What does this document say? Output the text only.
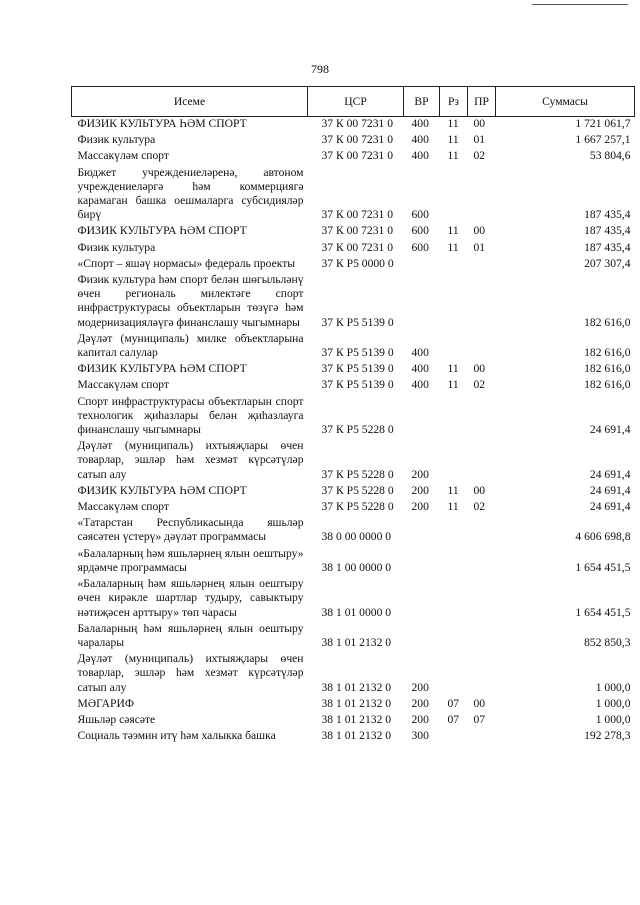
798
Исеме	ЦСР	ВР	Рз	ПР	Суммасы
ФИЗИК КУЛЬТУРА ҺӘМ СПОРТ	37 К 00 7231 0	400	11	00	1 721 061,7
Физик культура	37 К 00 7231 0	400	11	01	1 667 257,1
Массакүләм спорт	37 К 00 7231 0	400	11	02	53 804,6
Бюджет учреждениеләренә, автоном учреждениеләргә һәм коммерциягә карамаган башка оешмаларга субсидияләр бирү	37 К 00 7231 0	600			187 435,4
ФИЗИК КУЛЬТУРА ҺӘМ СПОРТ	37 К 00 7231 0	600	11	00	187 435,4
Физик культура	37 К 00 7231 0	600	11	01	187 435,4
«Спорт – яшәү нормасы» федераль проекты	37 К Р5 0000 0				207 307,4
Физик культура һәм спорт белән шөгыльләнү өчен региональ милектәге спорт инфраструктурасы объектларын төзүгә һәм модернизацияләүгә финанслашу чыгымнары	37 К Р5 5139 0				182 616,0
Дәүләт (муниципаль) милке объектларына капитал салулар	37 К Р5 5139 0	400			182 616,0
ФИЗИК КУЛЬТУРА ҺӘМ СПОРТ	37 К Р5 5139 0	400	11	00	182 616,0
Массакүләм спорт	37 К Р5 5139 0	400	11	02	182 616,0
Спорт инфраструктурасы объектларын спорт технологик җиһазлары белән җиһазлауга финанслашу чыгымнары	37 К Р5 5228 0				24 691,4
Дәүләт (муниципаль) ихтыяҗлары өчен товарлар, эшләр һәм хезмәт күрсәтүләр сатып алу	37 К Р5 5228 0	200			24 691,4
ФИЗИК КУЛЬТУРА ҺӘМ СПОРТ	37 К Р5 5228 0	200	11	00	24 691,4
Массакүләм спорт	37 К Р5 5228 0	200	11	02	24 691,4
«Татарстан Республикасында яшьләр сәясәтен үстерү» дәүләт программасы	38 0 00 0000 0				4 606 698,8
«Балаларның һәм яшьләрнең ялын оештыру» ярдәмче программасы	38 1 00 0000 0				1 654 451,5
«Балаларның һәм яшьләрнең ялын оештыру өчен кирәкле шартлар тудыру, савыктыру нәтиҗәсен арттыру» төп чарасы	38 1 01 0000 0				1 654 451,5
Балаларның һәм яшьләрнең ялын оештыру чаралары	38 1 01 2132 0				852 850,3
Дәүләт (муниципаль) ихтыяҗлары өчен товарлар, эшләр һәм хезмәт күрсәтүләр сатып алу	38 1 01 2132 0	200			1 000,0
МӘГАРИФ	38 1 01 2132 0	200	07	00	1 000,0
Яшьләр сәясәте	38 1 01 2132 0	200	07	07	1 000,0
Социаль тәэмин итү һәм халыкка башка	38 1 01 2132 0	300			192 278,3
